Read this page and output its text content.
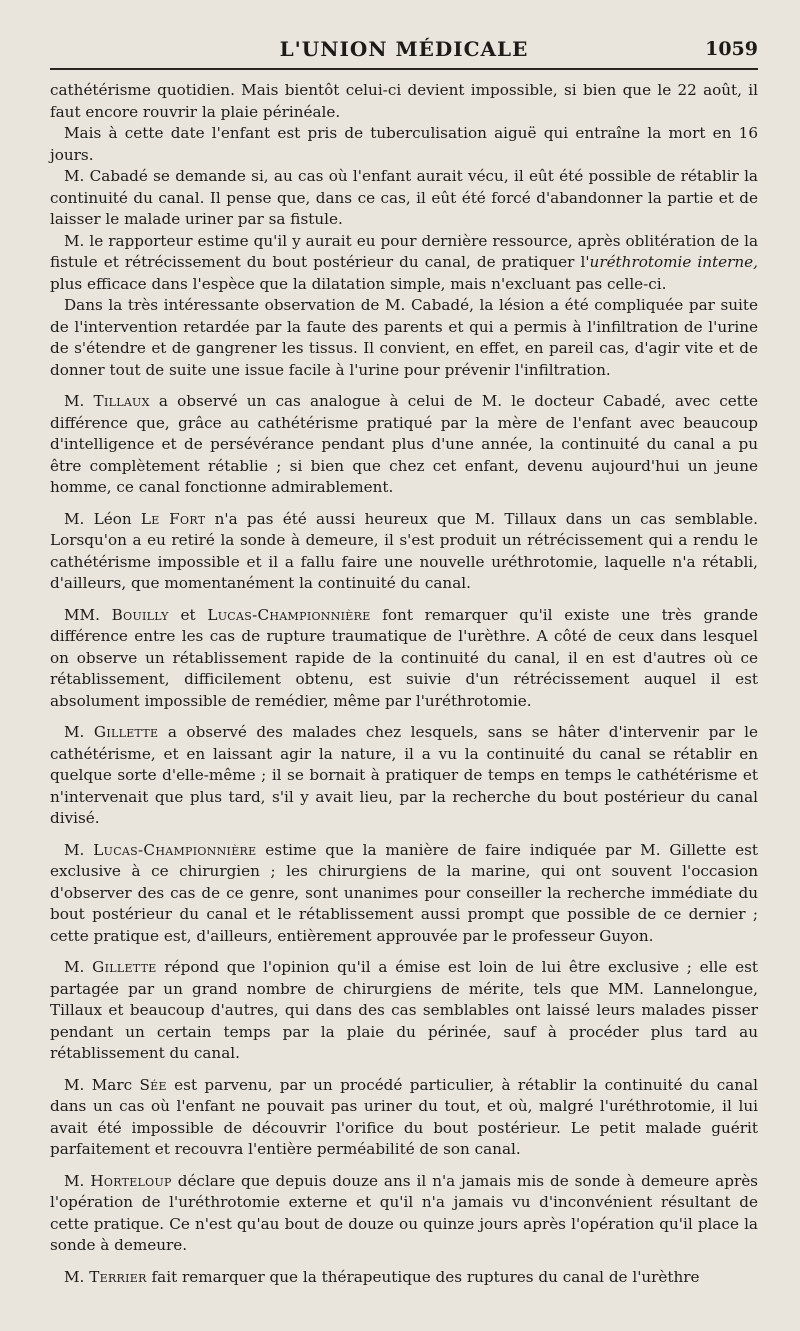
L'UNION MÉDICALE	1059

cathétérisme quotidien. Mais bientôt celui-ci devient impossible, si bien que le 22 août, il faut encore rouvrir la plaie périnéale.

Mais à cette date l'enfant est pris de tuberculisation aiguë qui entraîne la mort en 16 jours.

M. Cabadé se demande si, au cas où l'enfant aurait vécu, il eût été possible de rétablir la continuité du canal. Il pense que, dans ce cas, il eût été forcé d'abandonner la partie et de laisser le malade uriner par sa fistule.

M. le rapporteur estime qu'il y aurait eu pour dernière ressource, après oblitération de la fistule et rétrécissement du bout postérieur du canal, de pratiquer l'uréthrotomie interne, plus efficace dans l'espèce que la dilatation simple, mais n'excluant pas celle-ci.

Dans la très intéressante observation de M. Cabadé, la lésion a été compliquée par suite de l'intervention retardée par la faute des parents et qui a permis à l'infiltration de l'urine de s'étendre et de gangrener les tissus. Il convient, en effet, en pareil cas, d'agir vite et de donner tout de suite une issue facile à l'urine pour prévenir l'infiltration.

M. Tillaux a observé un cas analogue à celui de M. le docteur Cabadé, avec cette différence que, grâce au cathétérisme pratiqué par la mère de l'enfant avec beaucoup d'intelligence et de persévérance pendant plus d'une année, la continuité du canal a pu être complètement rétablie ; si bien que chez cet enfant, devenu aujourd'hui un jeune homme, ce canal fonctionne admirablement.

M. Léon Le Fort n'a pas été aussi heureux que M. Tillaux dans un cas semblable. Lorsqu'on a eu retiré la sonde à demeure, il s'est produit un rétrécissement qui a rendu le cathétérisme impossible et il a fallu faire une nouvelle uréthrotomie, laquelle n'a rétabli, d'ailleurs, que momentanément la continuité du canal.

MM. Bouilly et Lucas-Championnière font remarquer qu'il existe une très grande différence entre les cas de rupture traumatique de l'urèthre. A côté de ceux dans lesquel on observe un rétablissement rapide de la continuité du canal, il en est d'autres où ce rétablissement, difficilement obtenu, est suivie d'un rétrécissement auquel il est absolument impossible de remédier, même par l'uréthrotomie.

M. Gillette a observé des malades chez lesquels, sans se hâter d'intervenir par le cathétérisme, et en laissant agir la nature, il a vu la continuité du canal se rétablir en quelque sorte d'elle-même ; il se bornait à pratiquer de temps en temps le cathétérisme et n'intervenait que plus tard, s'il y avait lieu, par la recherche du bout postérieur du canal divisé.

M. Lucas-Championnière estime que la manière de faire indiquée par M. Gillette est exclusive à ce chirurgien ; les chirurgiens de la marine, qui ont souvent l'occasion d'observer des cas de ce genre, sont unanimes pour conseiller la recherche immédiate du bout postérieur du canal et le rétablissement aussi prompt que possible de ce dernier ; cette pratique est, d'ailleurs, entièrement approuvée par le professeur Guyon.

M. Gillette répond que l'opinion qu'il a émise est loin de lui être exclusive ; elle est partagée par un grand nombre de chirurgiens de mérite, tels que MM. Lannelongue, Tillaux et beaucoup d'autres, qui dans des cas semblables ont laissé leurs malades pisser pendant un certain temps par la plaie du périnée, sauf à procéder plus tard au rétablissement du canal.

M. Marc Sée est parvenu, par un procédé particulier, à rétablir la continuité du canal dans un cas où l'enfant ne pouvait pas uriner du tout, et où, malgré l'uréthrotomie, il lui avait été impossible de découvrir l'orifice du bout postérieur. Le petit malade guérit parfaitement et recouvra l'entière perméabilité de son canal.

M. Horteloup déclare que depuis douze ans il n'a jamais mis de sonde à demeure après l'opération de l'uréthrotomie externe et qu'il n'a jamais vu d'inconvénient résultant de cette pratique. Ce n'est qu'au bout de douze ou quinze jours après l'opération qu'il place la sonde à demeure.

M. Terrier fait remarquer que la thérapeutique des ruptures du canal de l'urèthre
